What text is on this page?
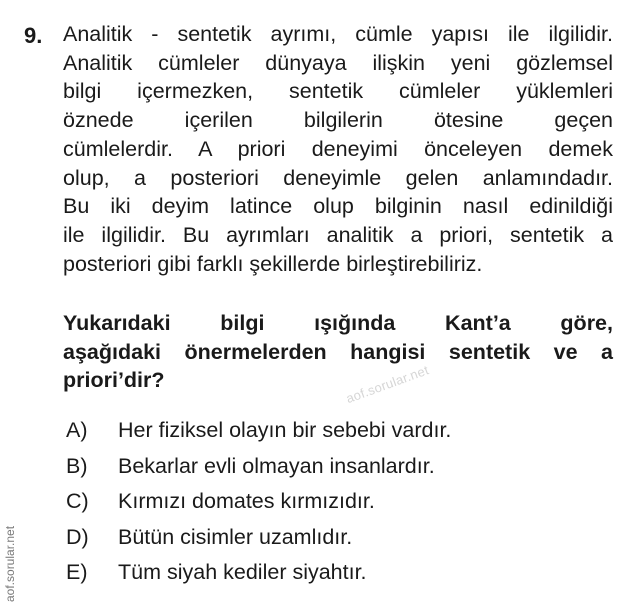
9. Analitik - sentetik ayrımı, cümle yapısı ile ilgilidir.
Analitik cümleler dünyaya ilişkin yeni gözlemsel
bilgi içermezken, sentetik cümleler yüklemleri
öznede içerilen bilgilerin ötesine geçen
cümlelerdir. A priori deneyimi önceleyen demek
olup, a posteriori deneyimle gelen anlamındadır.
Bu iki deyim latince olup bilginin nasıl edinildiği
ile ilgilidir. Bu ayrımları analitik a priori, sentetik a
posteriori gibi farklı şekillerde birleştirebiliriz.
Yukarıdaki bilgi ışığında Kant’a göre,
aşağıdaki önermelerden hangisi sentetik ve a
priori’dir?	aof.sorular.net
A)	Her fiziksel olayın bir sebebi vardır.
B)	Bekarlar evli olmayan insanlardır.
C)	Kırmızı domates kırmızıdır.
D)	Bütün cisimler uzamlıdır.
E)	Tüm siyah kediler siyahtır.
aof.sorular.net
